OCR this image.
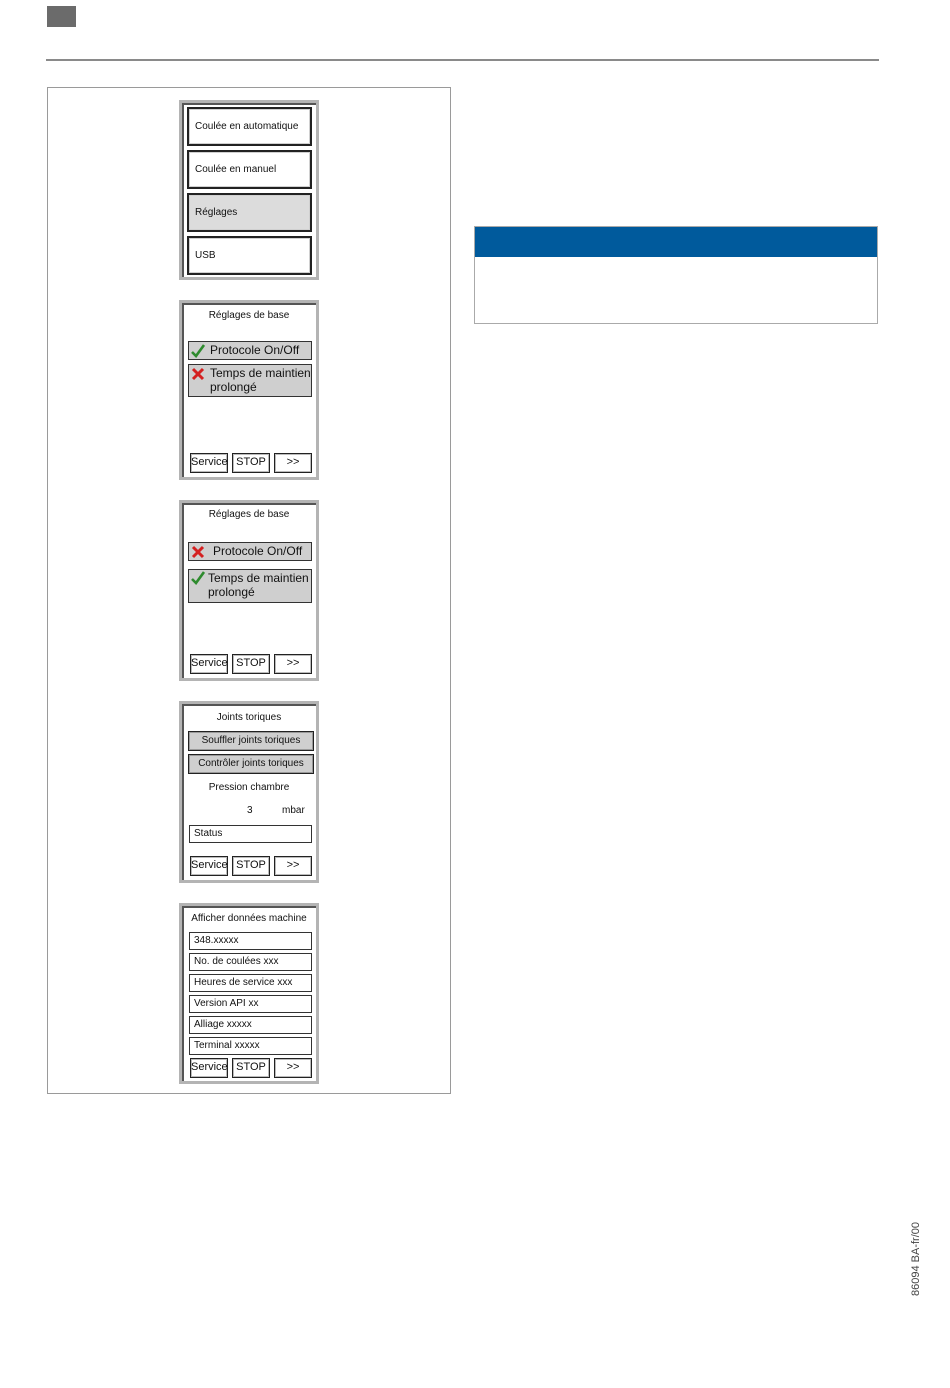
Coulée en automatique
Coulée en manuel
Réglages
USB
Réglages de base
Protocole On/Off
Temps de maintien prolongé
Service STOP	>>
Réglages de base
Protocole On/Off
Temps de maintien prolongé
Service STOP	>>
Joints toriques
Souffler joints toriques
Contrôler joints toriques
Pression chambre
3	mbar
Status
Service STOP	>>
Afficher données machine
348.xxxxx
No. de coulées xxx
Heures de service xxx
Version API xx
Alliage xxxxx
Terminal xxxxx
Service STOP	>>
86094 BA-fr/00
